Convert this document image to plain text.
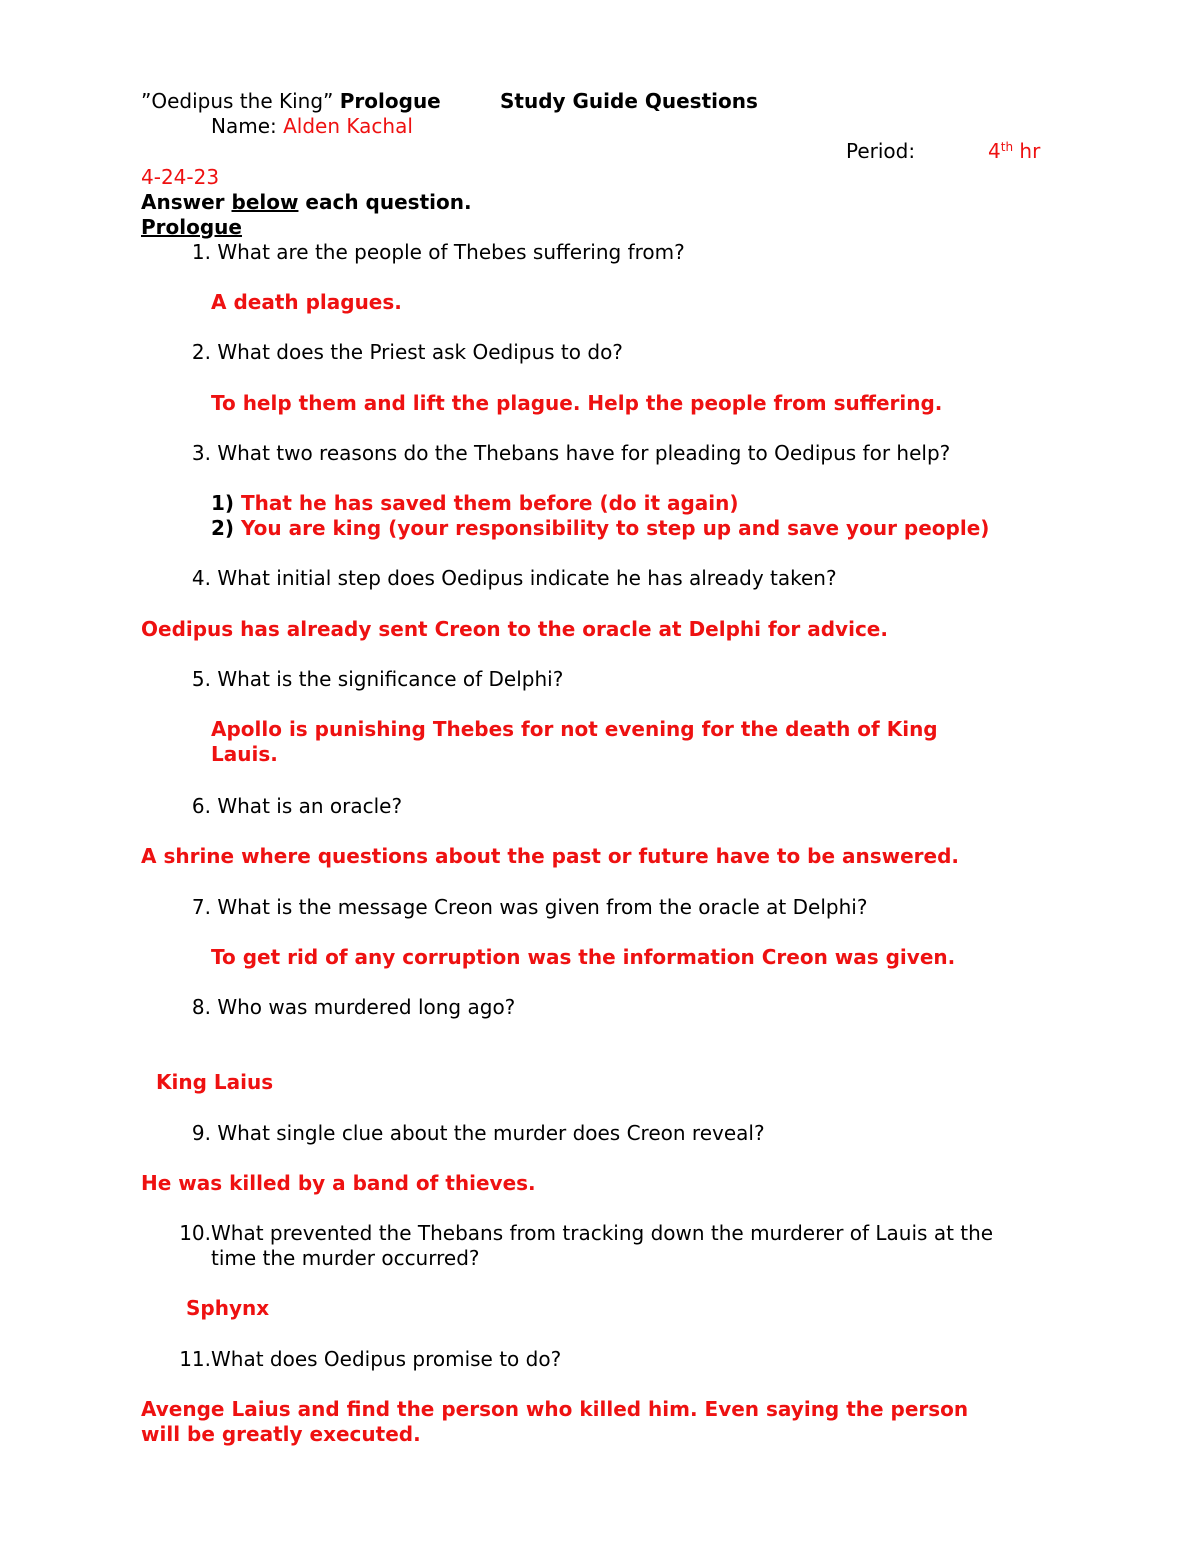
”Oedipus the King” Prologue	Study Guide Questions
Name: Alden Kachal
Period:	4th hr
4-24-23
Answer below each question.
Prologue
1. What are the people of Thebes suffering from?
A death plagues.
2. What does the Priest ask Oedipus to do?
To help them and lift the plague. Help the people from suffering.
3. What two reasons do the Thebans have for pleading to Oedipus for help?
1) That he has saved them before (do it again)
2) You are king (your responsibility to step up and save your people)
4. What initial step does Oedipus indicate he has already taken?
Oedipus has already sent Creon to the oracle at Delphi for advice.
5. What is the significance of Delphi?
Apollo is punishing Thebes for not evening for the death of King
Lauis.
6. What is an oracle?
A shrine where questions about the past or future have to be answered.
7. What is the message Creon was given from the oracle at Delphi?
To get rid of any corruption was the information Creon was given.
8. Who was murdered long ago?
King Laius
9. What single clue about the murder does Creon reveal?
He was killed by a band of thieves.
10.What prevented the Thebans from tracking down the murderer of Lauis at the
time the murder occurred?
Sphynx
11.What does Oedipus promise to do?
Avenge Laius and find the person who killed him. Even saying the person
will be greatly executed.
